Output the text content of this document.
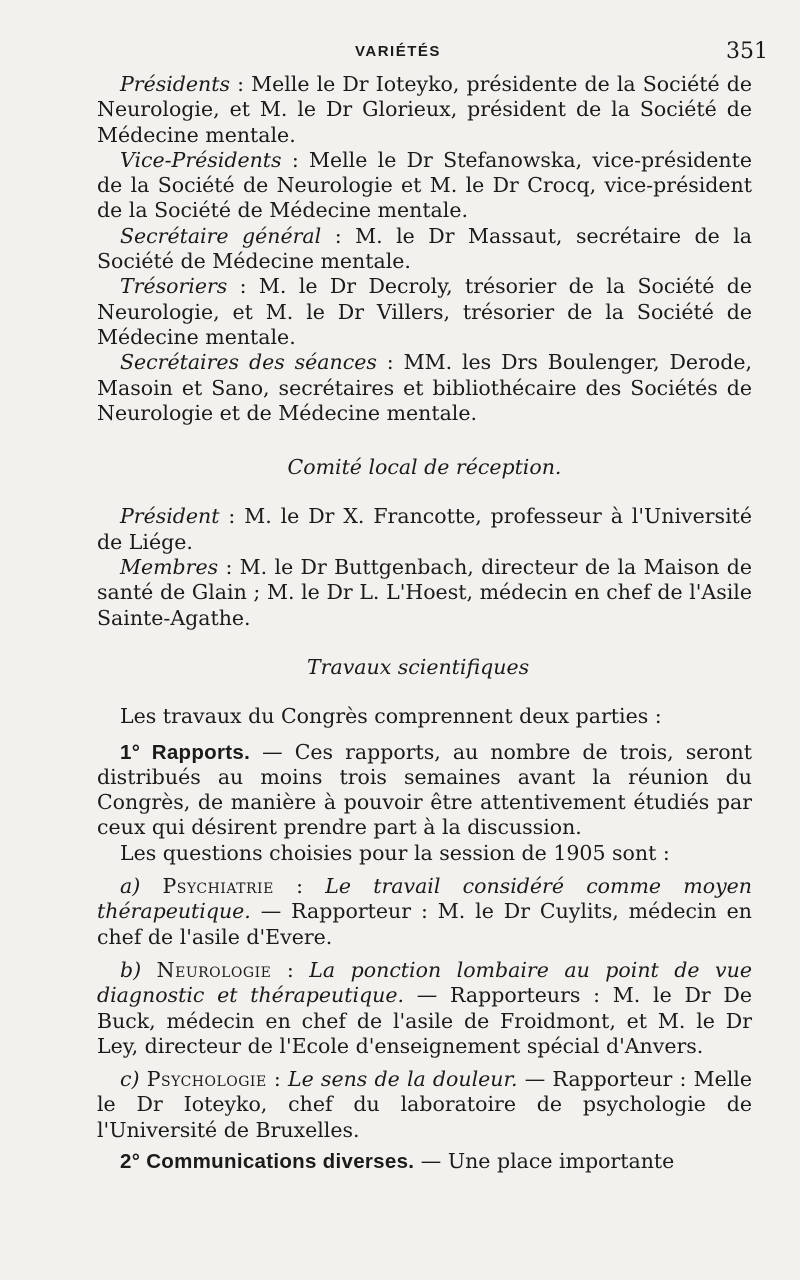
VARIÉTÉS	351

Présidents : Melle le Dr Ioteyko, présidente de la Société de Neurologie, et M. le Dr Glorieux, président de la Société de Médecine mentale.

Vice-Présidents : Melle le Dr Stefanowska, vice-présidente de la Société de Neurologie et M. le Dr Crocq, vice-président de la Société de Médecine mentale.

Secrétaire général : M. le Dr Massaut, secrétaire de la Société de Médecine mentale.

Trésoriers : M. le Dr Decroly, trésorier de la Société de Neurologie, et M. le Dr Villers, trésorier de la Société de Médecine mentale.

Secrétaires des séances : MM. les Drs Boulenger, Derode, Masoin et Sano, secrétaires et bibliothécaire des Sociétés de Neurologie et de Médecine mentale.

Comité local de réception.

Président : M. le Dr X. Francotte, professeur à l'Université de Liége.

Membres : M. le Dr Buttgenbach, directeur de la Maison de santé de Glain ; M. le Dr L. L'Hoest, médecin en chef de l'Asile Sainte-Agathe.

Travaux scientifiques

Les travaux du Congrès comprennent deux parties :

1° Rapports. — Ces rapports, au nombre de trois, seront distribués au moins trois semaines avant la réunion du Congrès, de manière à pouvoir être attentivement étudiés par ceux qui désirent prendre part à la discussion.

Les questions choisies pour la session de 1905 sont :

a) Psychiatrie : Le travail considéré comme moyen thérapeutique. — Rapporteur : M. le Dr Cuylits, médecin en chef de l'asile d'Evere.

b) Neurologie : La ponction lombaire au point de vue diagnostic et thérapeutique. — Rapporteurs : M. le Dr De Buck, médecin en chef de l'asile de Froidmont, et M. le Dr Ley, directeur de l'Ecole d'enseignement spécial d'Anvers.

c) Psychologie : Le sens de la douleur. — Rapporteur : Melle le Dr Ioteyko, chef du laboratoire de psychologie de l'Université de Bruxelles.

2° Communications diverses. — Une place importante
